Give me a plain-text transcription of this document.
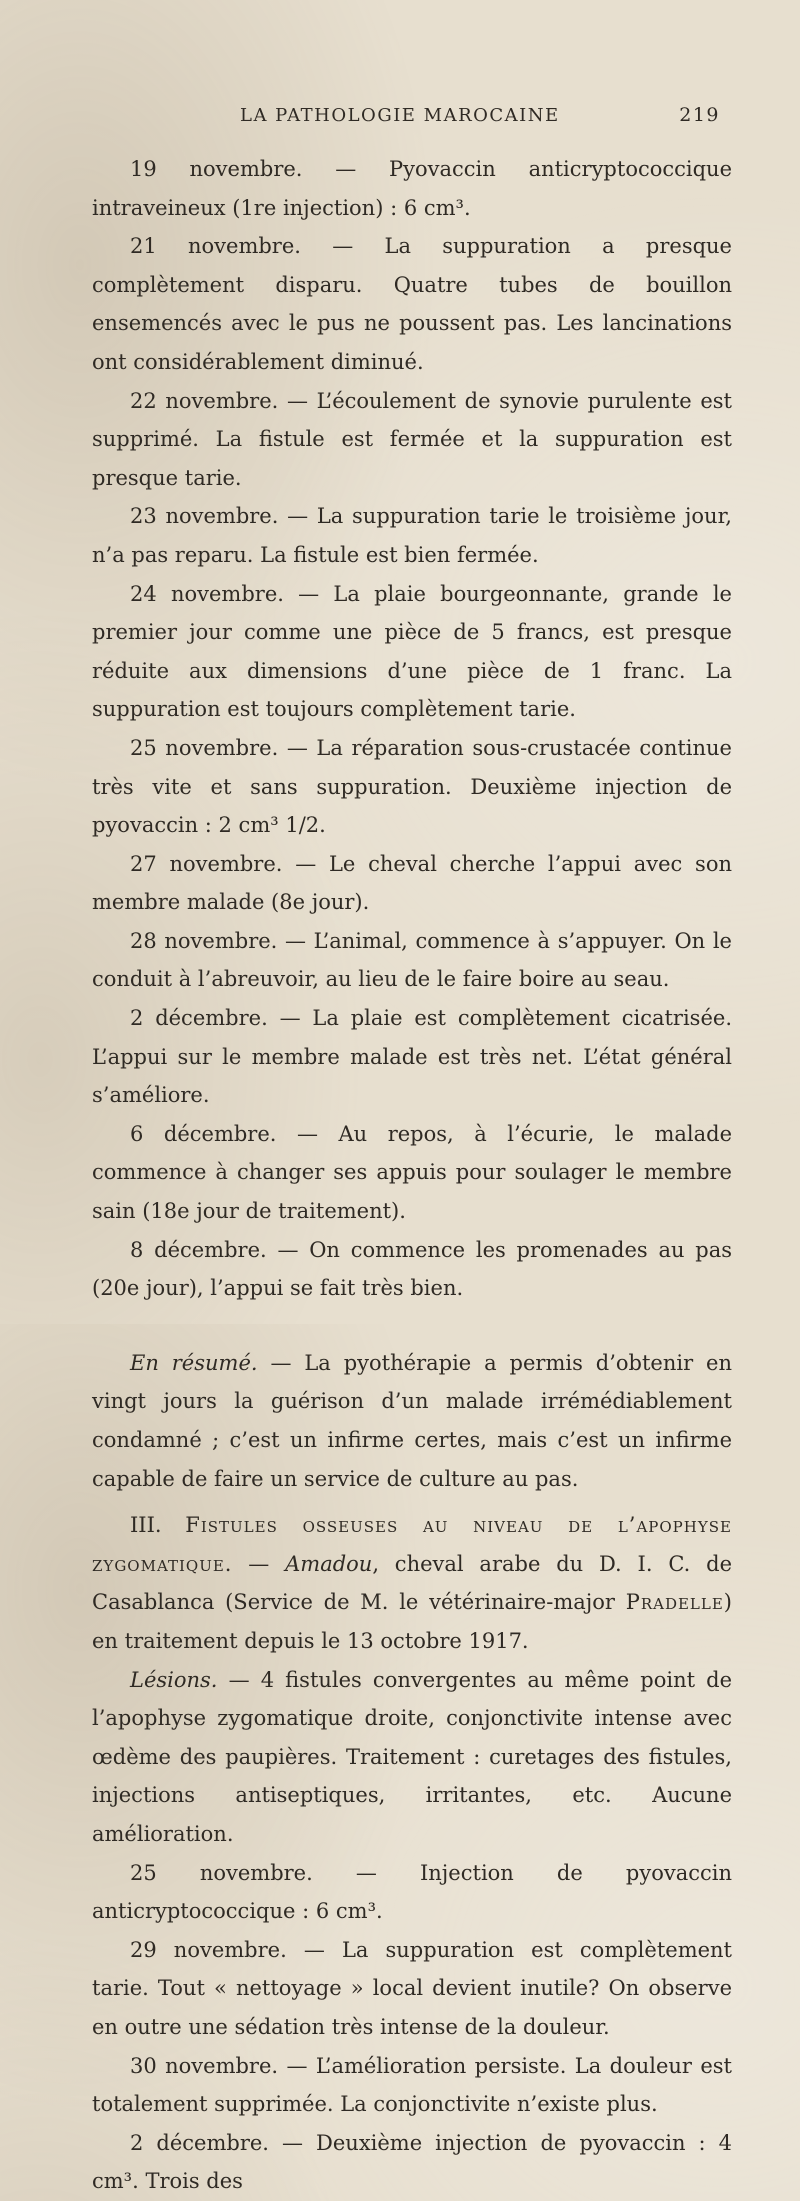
LA PATHOLOGIE MAROCAINE	219

19 novembre. — Pyovaccin anticryptococcique intraveineux (1re injection) : 6 cm³.

21 novembre. — La suppuration a presque complètement disparu. Quatre tubes de bouillon ensemencés avec le pus ne poussent pas. Les lancinations ont considérablement diminué.

22 novembre. — L’écoulement de synovie purulente est supprimé. La fistule est fermée et la suppuration est presque tarie.

23 novembre. — La suppuration tarie le troisième jour, n’a pas reparu. La fistule est bien fermée.

24 novembre. — La plaie bourgeonnante, grande le premier jour comme une pièce de 5 francs, est presque réduite aux dimensions d’une pièce de 1 franc. La suppuration est toujours complètement tarie.

25 novembre. — La réparation sous-crustacée continue très vite et sans suppuration. Deuxième injection de pyovaccin : 2 cm³ 1/2.

27 novembre. — Le cheval cherche l’appui avec son membre malade (8e jour).

28 novembre. — L’animal, commence à s’appuyer. On le conduit à l’abreuvoir, au lieu de le faire boire au seau.

2 décembre. — La plaie est complètement cicatrisée. L’appui sur le membre malade est très net. L’état général s’améliore.

6 décembre. — Au repos, à l’écurie, le malade commence à changer ses appuis pour soulager le membre sain (18e jour de traitement).

8 décembre. — On commence les promenades au pas (20e jour), l’appui se fait très bien.

En résumé. — La pyothérapie a permis d’obtenir en vingt jours la guérison d’un malade irrémédiablement condamné ; c’est un infirme certes, mais c’est un infirme capable de faire un service de culture au pas.

III. Fistules osseuses au niveau de l’apophyse zygomatique. — Amadou, cheval arabe du D. I. C. de Casablanca (Service de M. le vétérinaire-major Pradelle) en traitement depuis le 13 octobre 1917.

Lésions. — 4 fistules convergentes au même point de l’apophyse zygomatique droite, conjonctivite intense avec œdème des paupières. Traitement : curetages des fistules, injections antiseptiques, irritantes, etc. Aucune amélioration.

25 novembre. — Injection de pyovaccin anticryptococcique : 6 cm³.

29 novembre. — La suppuration est complètement tarie. Tout « nettoyage » local devient inutile? On observe en outre une sédation très intense de la douleur.

30 novembre. — L’amélioration persiste. La douleur est totalement supprimée. La conjonctivite n’existe plus.

2 décembre. — Deuxième injection de pyovaccin : 4 cm³. Trois des
